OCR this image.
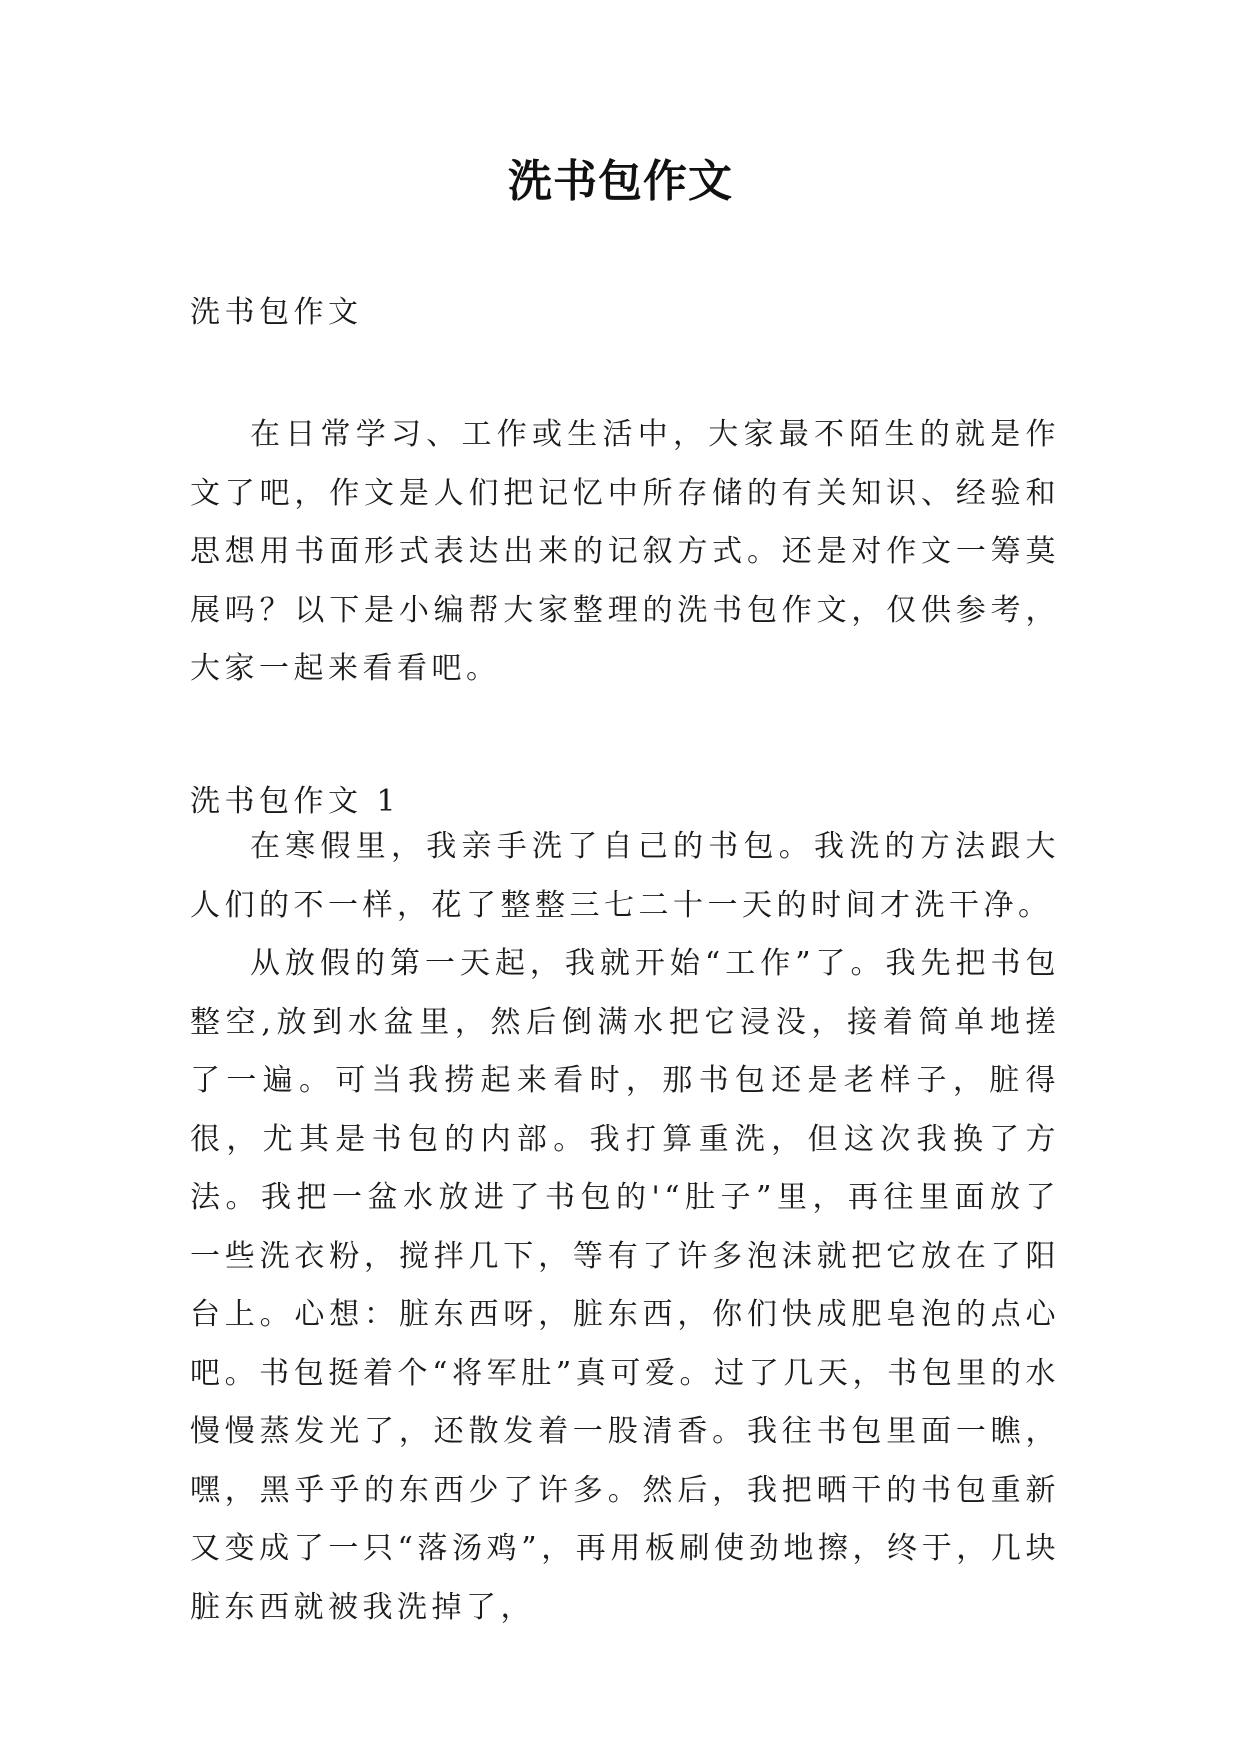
洗书包作文
洗书包作文

在日常学习、工作或生活中，大家最不陌生的就是作文了吧，作文是人们把记忆中所存储的有关知识、经验和思想用书面形式表达出来的记叙方式。还是对作文一筹莫展吗？以下是小编帮大家整理的洗书包作文，仅供参考，大家一起来看看吧。

洗书包作文 1

在寒假里，我亲手洗了自己的书包。我洗的方法跟大人们的不一样，花了整整三七二十一天的时间才洗干净。

从放假的第一天起，我就开始“工作”了。我先把书包整空,放到水盆里，然后倒满水把它浸没，接着简单地搓了一遍。可当我捞起来看时，那书包还是老样子，脏得很，尤其是书包的内部。我打算重洗，但这次我换了方法。我把一盆水放进了书包的'“肚子”里，再往里面放了一些洗衣粉，搅拌几下，等有了许多泡沫就把它放在了阳台上。心想：脏东西呀，脏东西，你们快成肥皂泡的点心吧。书包挺着个“将军肚”真可爱。过了几天，书包里的水慢慢蒸发光了，还散发着一股清香。我往书包里面一瞧，嘿，黑乎乎的东西少了许多。然后，我把晒干的书包重新又变成了一只“落汤鸡”，再用板刷使劲地擦，终于，几块脏东西就被我洗掉了，
